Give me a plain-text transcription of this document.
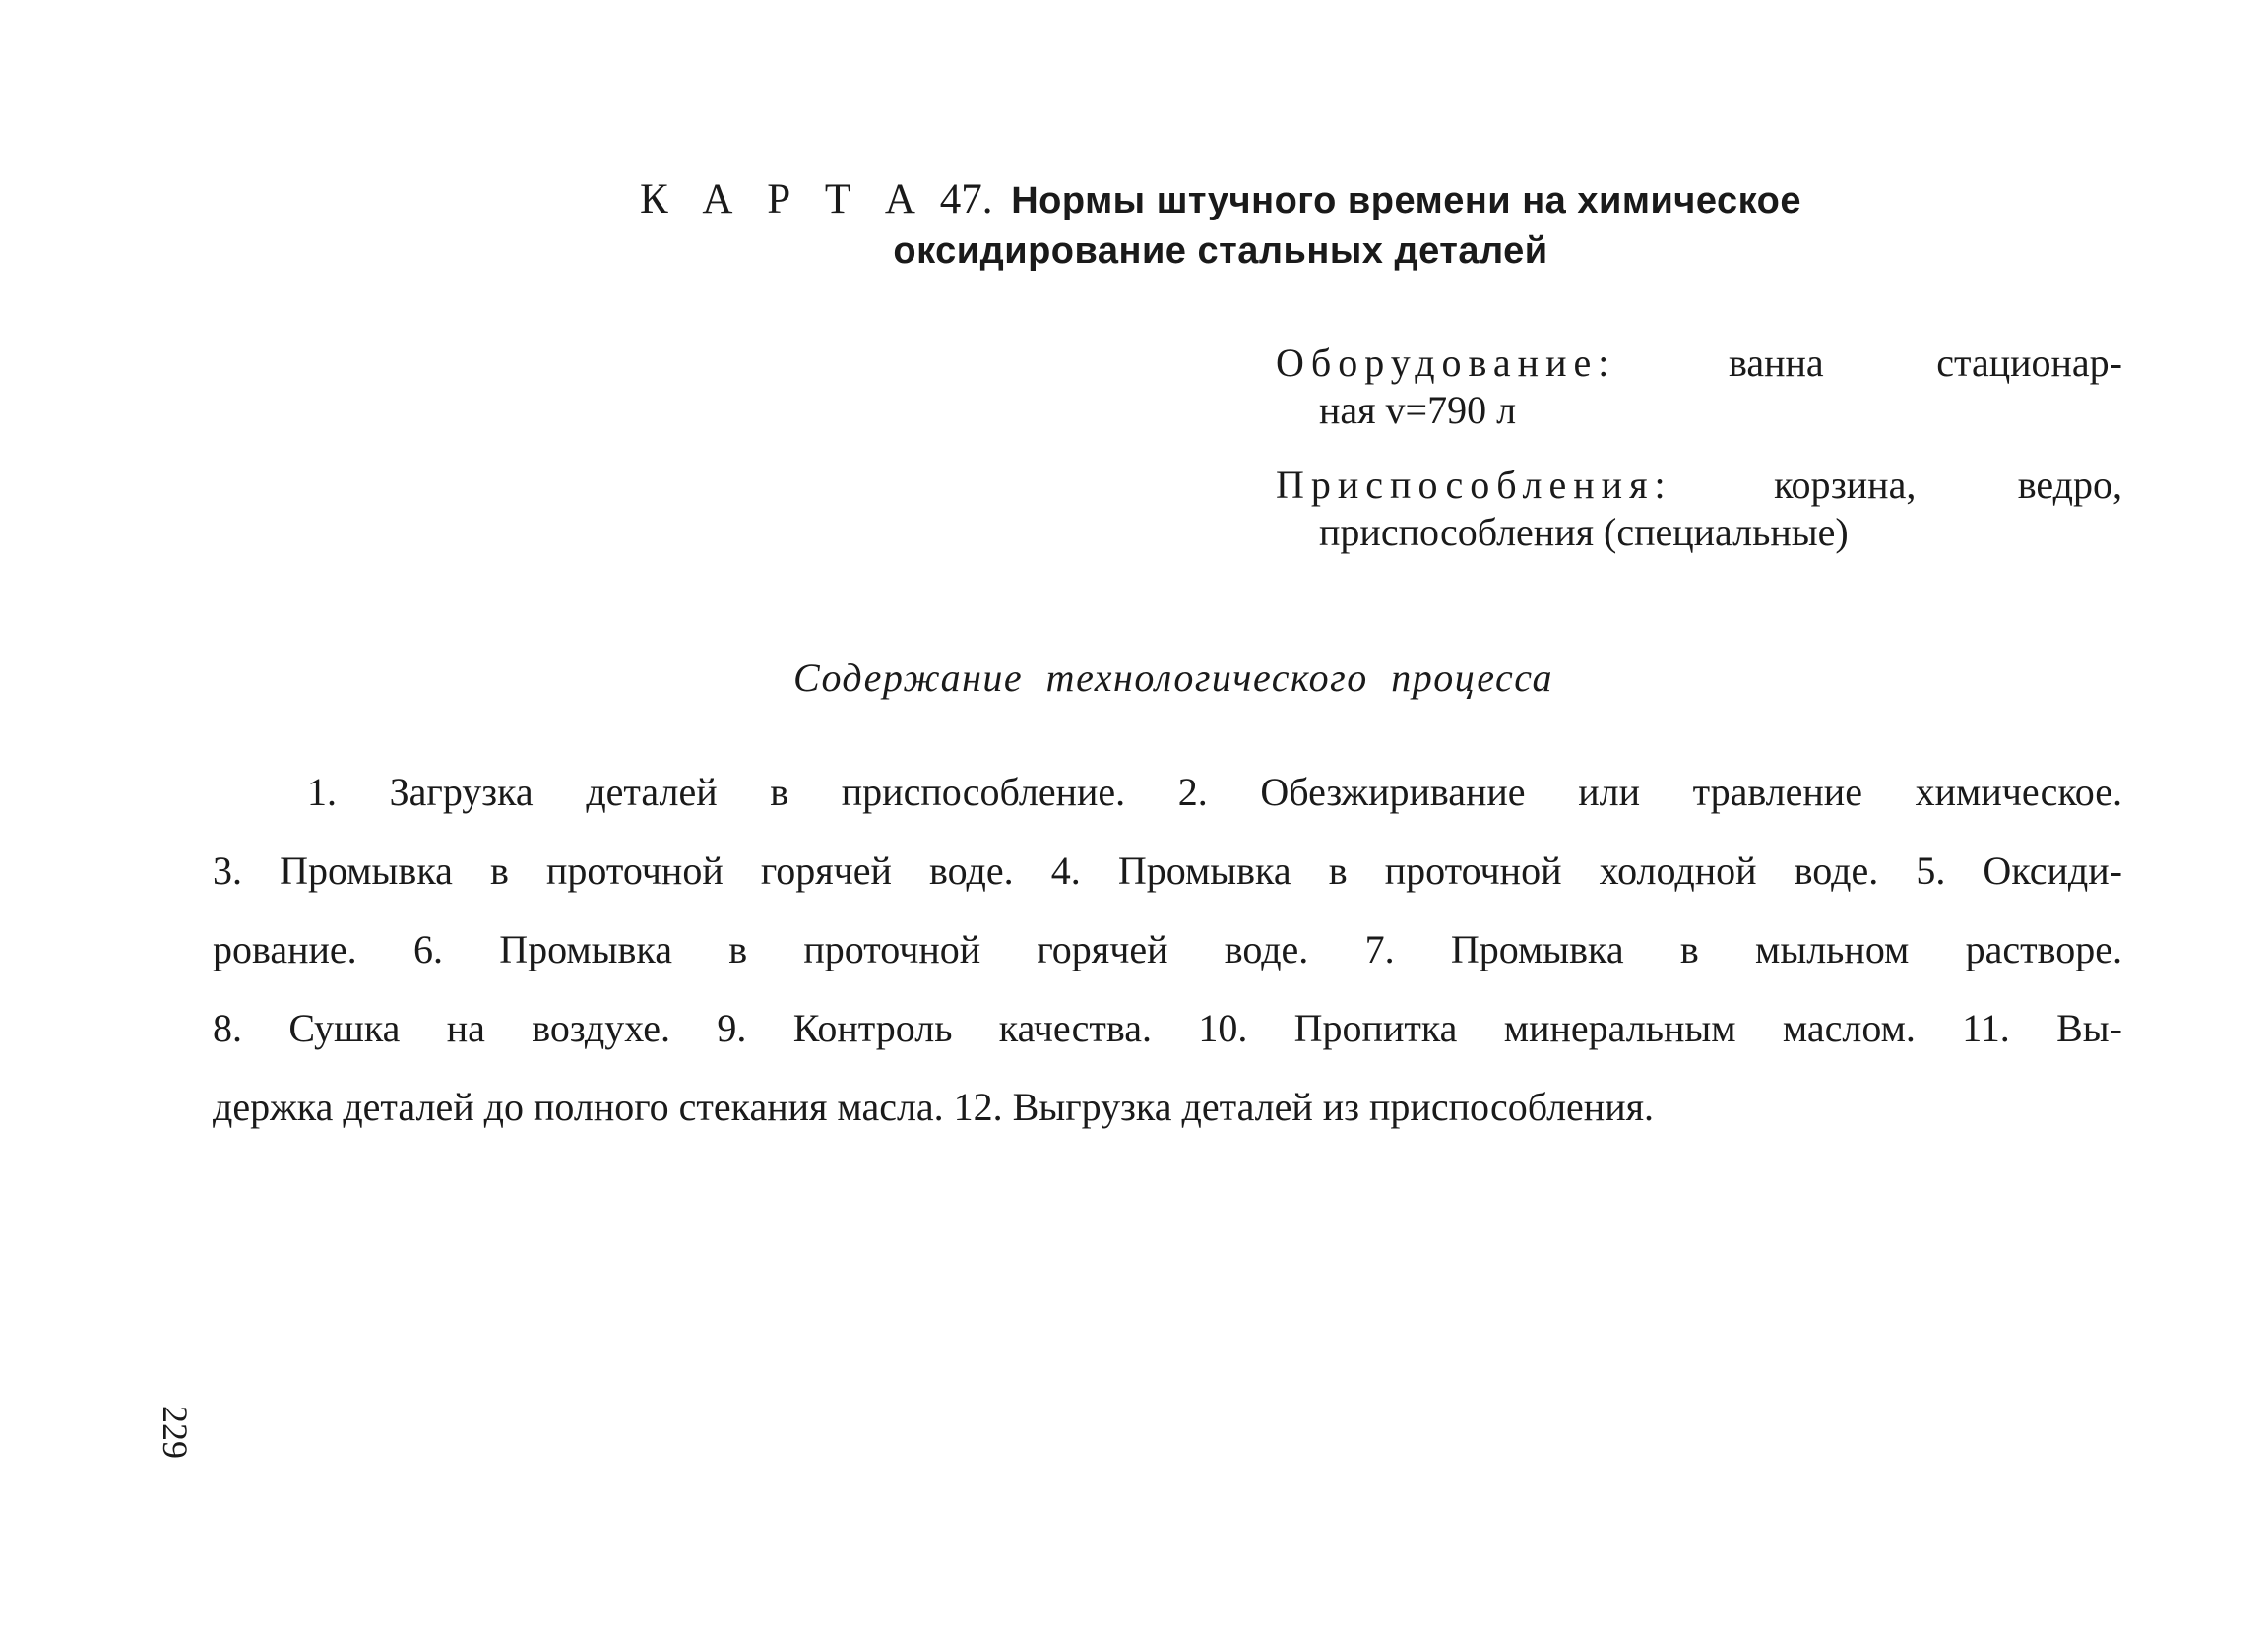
К А Р Т А 47. Нормы штучного времени на химическое
оксидирование стальных деталей
Оборудование:	ванна стационар-
ная v=790 л
Приспособления:	корзина, ведро,
приспособления (специальные)
Содержание технологического процесса
1. Загрузка деталей в приспособление. 2. Обезжиривание или травление химическое.
3. Промывка в проточной горячей воде. 4. Промывка в проточной холодной воде. 5. Оксиди-
рование. 6. Промывка в проточной горячей воде. 7. Промывка в мыльном растворе.
8. Сушка на воздухе. 9. Контроль качества. 10. Пропитка минеральным маслом. 11. Вы-
держка деталей до полного стекания масла. 12. Выгрузка деталей из приспособления.
229
